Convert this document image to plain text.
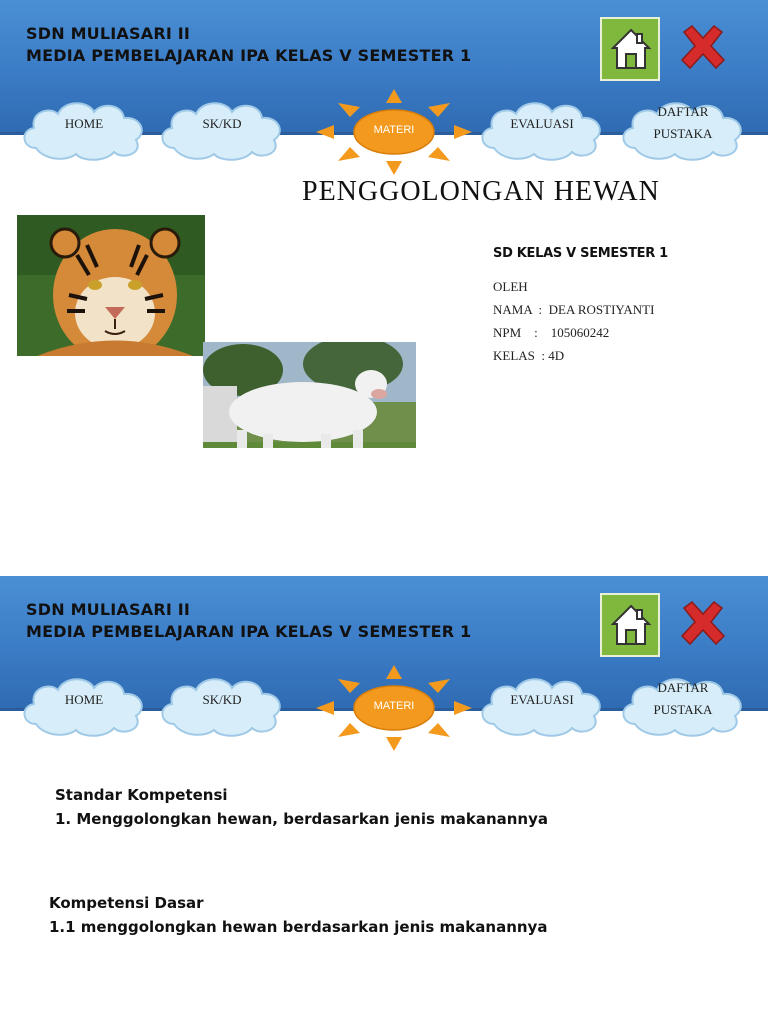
SDN MULIASARI II
MEDIA PEMBELAJARAN IPA KELAS V SEMESTER 1
HOME	SK/KD	MATERI	EVALUASI
DAFTAR
PUSTAKA
PENGGOLONGAN HEWAN
SD KELAS V SEMESTER 1
OLEH
NAMA  :  DEA ROSTIYANTI
NPM    :    105060242
KELAS  : 4D
SDN MULIASARI II
MEDIA PEMBELAJARAN IPA KELAS V SEMESTER 1
HOME	SK/KD	MATERI	EVALUASI
DAFTAR
PUSTAKA
Standar Kompetensi
1. Menggolongkan hewan, berdasarkan jenis makanannya
Kompetensi Dasar
1.1 menggolongkan hewan berdasarkan jenis makanannya
